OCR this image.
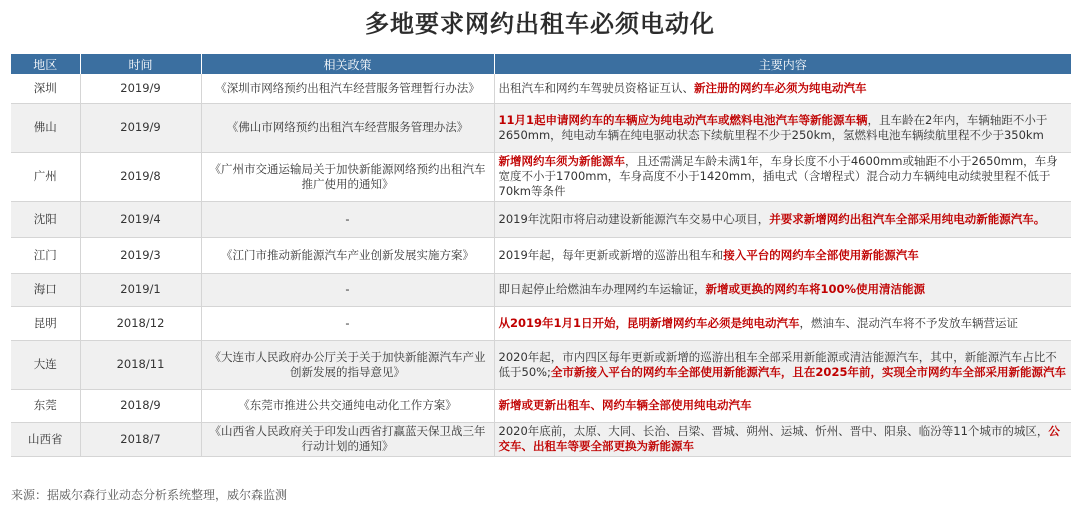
多地要求网约出租车必须电动化
地区	时间	相关政策	主要内容
深圳	2019/9	《深圳市网络预约出租汽车经营服务管理暂行办法》	出租汽车和网约车驾驶员资格证互认、新注册的网约车必须为纯电动汽车
佛山	2019/9	《佛山市网络预约出租汽车经营服务管理办法》	11月1起申请网约车的车辆应为纯电动汽车或燃料电池汽车等新能源车辆，且车龄在2年内，车辆轴距不小于2650mm，纯电动车辆在纯电驱动状态下续航里程不少于250km，氢燃料电池车辆续航里程不少于350km
广州	2019/8	《广州市交通运输局关于加快新能源网络预约出租汽车推广使用的通知》	新增网约车须为新能源车，且还需满足车龄未满1年，车身长度不小于4600mm或轴距不小于2650mm，车身宽度不小于1700mm，车身高度不小于1420mm，插电式（含增程式）混合动力车辆纯电动续驶里程不低于70km等条件
沈阳	2019/4	-	2019年沈阳市将启动建设新能源汽车交易中心项目，并要求新增网约出租汽车全部采用纯电动新能源汽车。
江门	2019/3	《江门市推动新能源汽车产业创新发展实施方案》	2019年起，每年更新或新增的巡游出租车和接入平台的网约车全部使用新能源汽车
海口	2019/1	-	即日起停止给燃油车办理网约车运输证，新增或更换的网约车将100%使用清洁能源
昆明	2018/12	-	从2019年1月1日开始，昆明新增网约车必须是纯电动汽车，燃油车、混动汽车将不予发放车辆营运证
大连	2018/11	《大连市人民政府办公厅关于关于加快新能源汽车产业创新发展的指导意见》	2020年起，市内四区每年更新或新增的巡游出租车全部采用新能源或清洁能源汽车，其中，新能源汽车占比不低于50%;全市新接入平台的网约车全部使用新能源汽车，且在2025年前，实现全市网约车全部采用新能源汽车
东莞	2018/9	《东莞市推进公共交通纯电动化工作方案》	新增或更新出租车、网约车辆全部使用纯电动汽车
山西省	2018/7	《山西省人民政府关于印发山西省打赢蓝天保卫战三年行动计划的通知》	2020年底前，太原、大同、长治、吕梁、晋城、朔州、运城、忻州、晋中、阳泉、临汾等11个城市的城区，公交车、出租车等要全部更换为新能源车
来源：据威尔森行业动态分析系统整理，威尔森监测
